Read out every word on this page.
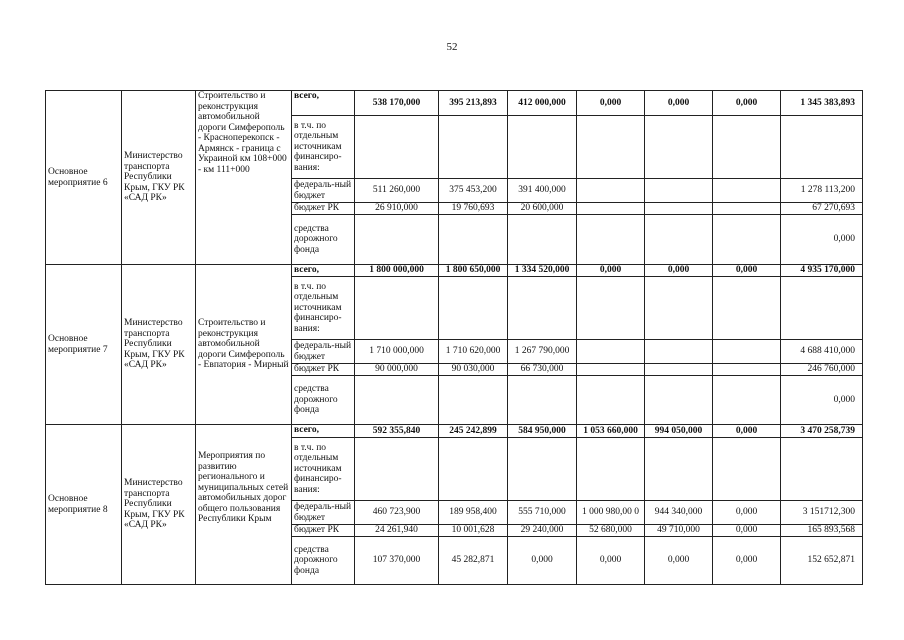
52
Основное мероприятие 6	Министерство транспорта Республики Крым, ГКУ РК «САД РК»	Строительство и реконструкция автомобильной дороги Симферополь - Красноперекопск - Армянск - граница с Украиной км 108+000 - км 111+000	всего,	538 170,000	395 213,893	412 000,000	0,000	0,000	0,000	1 345 383,893
			в т.ч. по отдельным источникам финансиро-вания:							
			федераль-ный бюджет	511 260,000	375 453,200	391 400,000				1 278 113,200
			бюджет РК	26 910,000	19 760,693	20 600,000				67 270,693
			средства дорожного фонда							0,000
Основное мероприятие 7	Министерство транспорта Республики Крым, ГКУ РК «САД РК»	Строительство и реконструкция автомобильной дороги Симферополь - Евпатория - Мирный	всего,	1 800 000,000	1 800 650,000	1 334 520,000	0,000	0,000	0,000	4 935 170,000
			в т.ч. по отдельным источникам финансиро-вания:							
			федераль-ный бюджет	1 710 000,000	1 710 620,000	1 267 790,000				4 688 410,000
			бюджет РК	90 000,000	90 030,000	66 730,000				246 760,000
			средства дорожного фонда							0,000
Основное мероприятие 8	Министерство транспорта Республики Крым, ГКУ РК «САД РК»	Мероприятия по развитию регионального и муниципальных сетей автомобильных дорог общего пользования Республики Крым	всего,	592 355,840	245 242,899	584 950,000	1 053 660,000	994 050,000	0,000	3 470 258,739
			в т.ч. по отдельным источникам финансиро-вания:							
			федераль-ный бюджет	460 723,900	189 958,400	555 710,000	1 000 980,00 0	944 340,000	0,000	3 151712,300
			бюджет РК	24 261,940	10 001,628	29 240,000	52 680,000	49 710,000	0,000	165 893,568
			средства дорожного фонда	107 370,000	45 282,871	0,000	0,000	0,000	0,000	152 652,871
